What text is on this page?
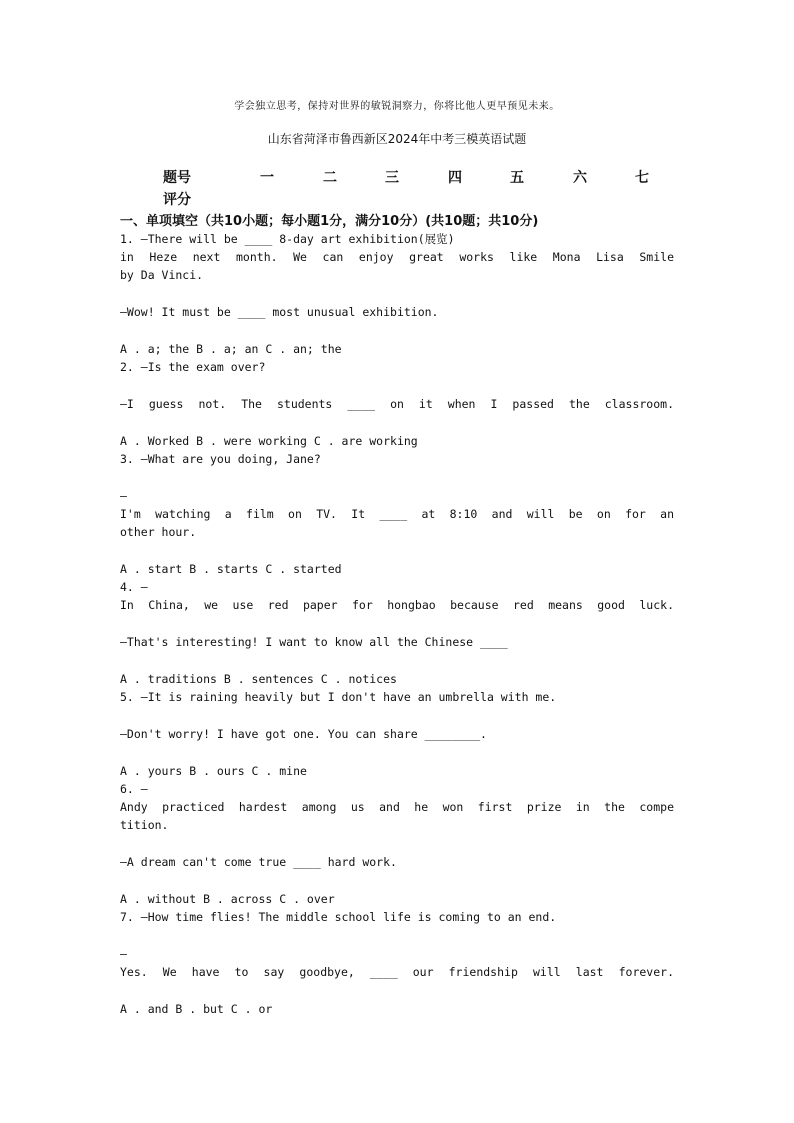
学会独立思考，保持对世界的敏锐洞察力，你将比他人更早预见未来。
山东省菏泽市鲁西新区2024年中考三模英语试题
题号	一	二	三	四	五	六	七
评分
一、单项填空（共10小题；每小题1分，满分10分）(共10题；共10分)
1. —There will be ____ 8-day art exhibition(展览)
in Heze next month. We can enjoy great works like Mona Lisa Smile
by Da Vinci.
—Wow! It must be ____ most unusual exhibition.
A . a; the B . a; an C . an; the
2. —Is the exam over?
—I guess not. The students ____ on it when I passed the classroom.
A . Worked B . were working C . are working
3. —What are you doing, Jane?
—
I'm watching a film on TV. It ____ at 8:10 and will be on for an
other hour.
A . start B . starts C . started
4. —
In China, we use red paper for hongbao because red means good luck.
—That's interesting! I want to know all the Chinese ____
A . traditions B . sentences C . notices
5. —It is raining heavily but I don't have an umbrella with me.
—Don't worry! I have got one. You can share ________.
A . yours B . ours C . mine
6. —
Andy practiced hardest among us and he won first prize in the compe
tition.
—A dream can't come true ____ hard work.
A . without B . across C . over
7. —How time flies! The middle school life is coming to an end.
—
Yes. We have to say goodbye, ____ our friendship will last forever.
A . and B . but C . or
